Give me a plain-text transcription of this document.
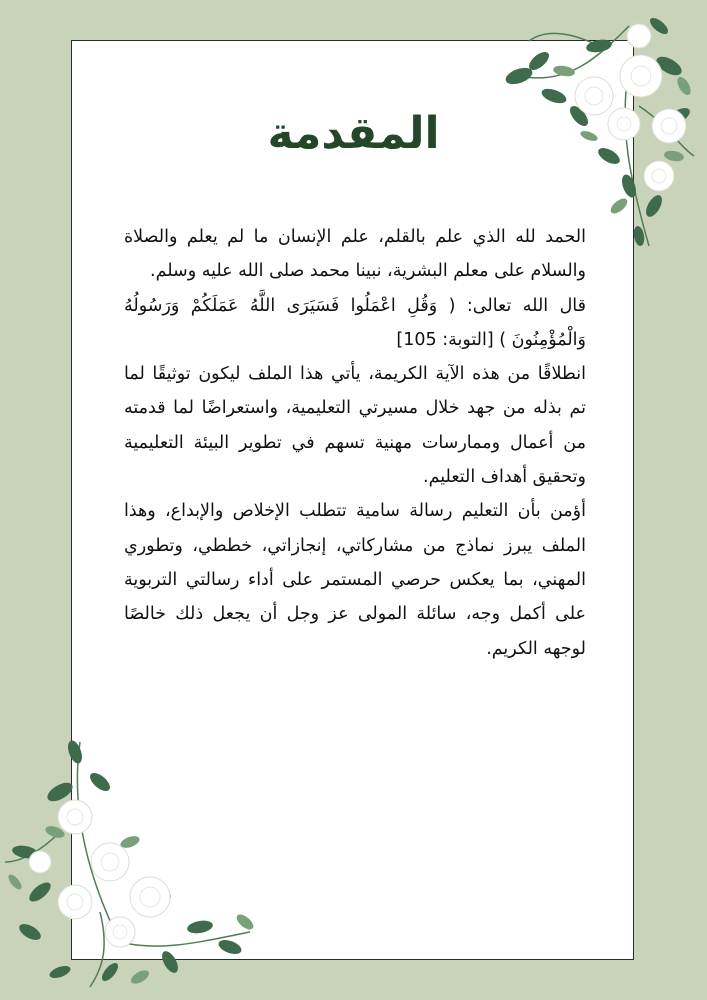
المقدمة

الحمد لله الذي علم بالقلم، علم الإنسان ما لم يعلم والصلاة والسلام على معلم البشرية، نبينا محمد صلى الله عليه وسلم.

قال الله تعالى: ( وَقُلِ اعْمَلُوا فَسَيَرَى اللَّهُ عَمَلَكُمْ وَرَسُولُهُ وَالْمُؤْمِنُونَ ) [التوبة: 105]

انطلاقًا من هذه الآية الكريمة، يأتي هذا الملف ليكون توثيقًا لما تم بذله من جهد خلال مسيرتي التعليمية، واستعراضًا لما قدمته من أعمال وممارسات مهنية تسهم في تطوير البيئة التعليمية وتحقيق أهداف التعليم.

أؤمن بأن التعليم رسالة سامية تتطلب الإخلاص والإبداع، وهذا الملف يبرز نماذج من مشاركاتي، إنجازاتي، خططي، وتطوري المهني، بما يعكس حرصي المستمر على أداء رسالتي التربوية على أكمل وجه، سائلة المولى عز وجل أن يجعل ذلك خالصًا لوجهه الكريم.
